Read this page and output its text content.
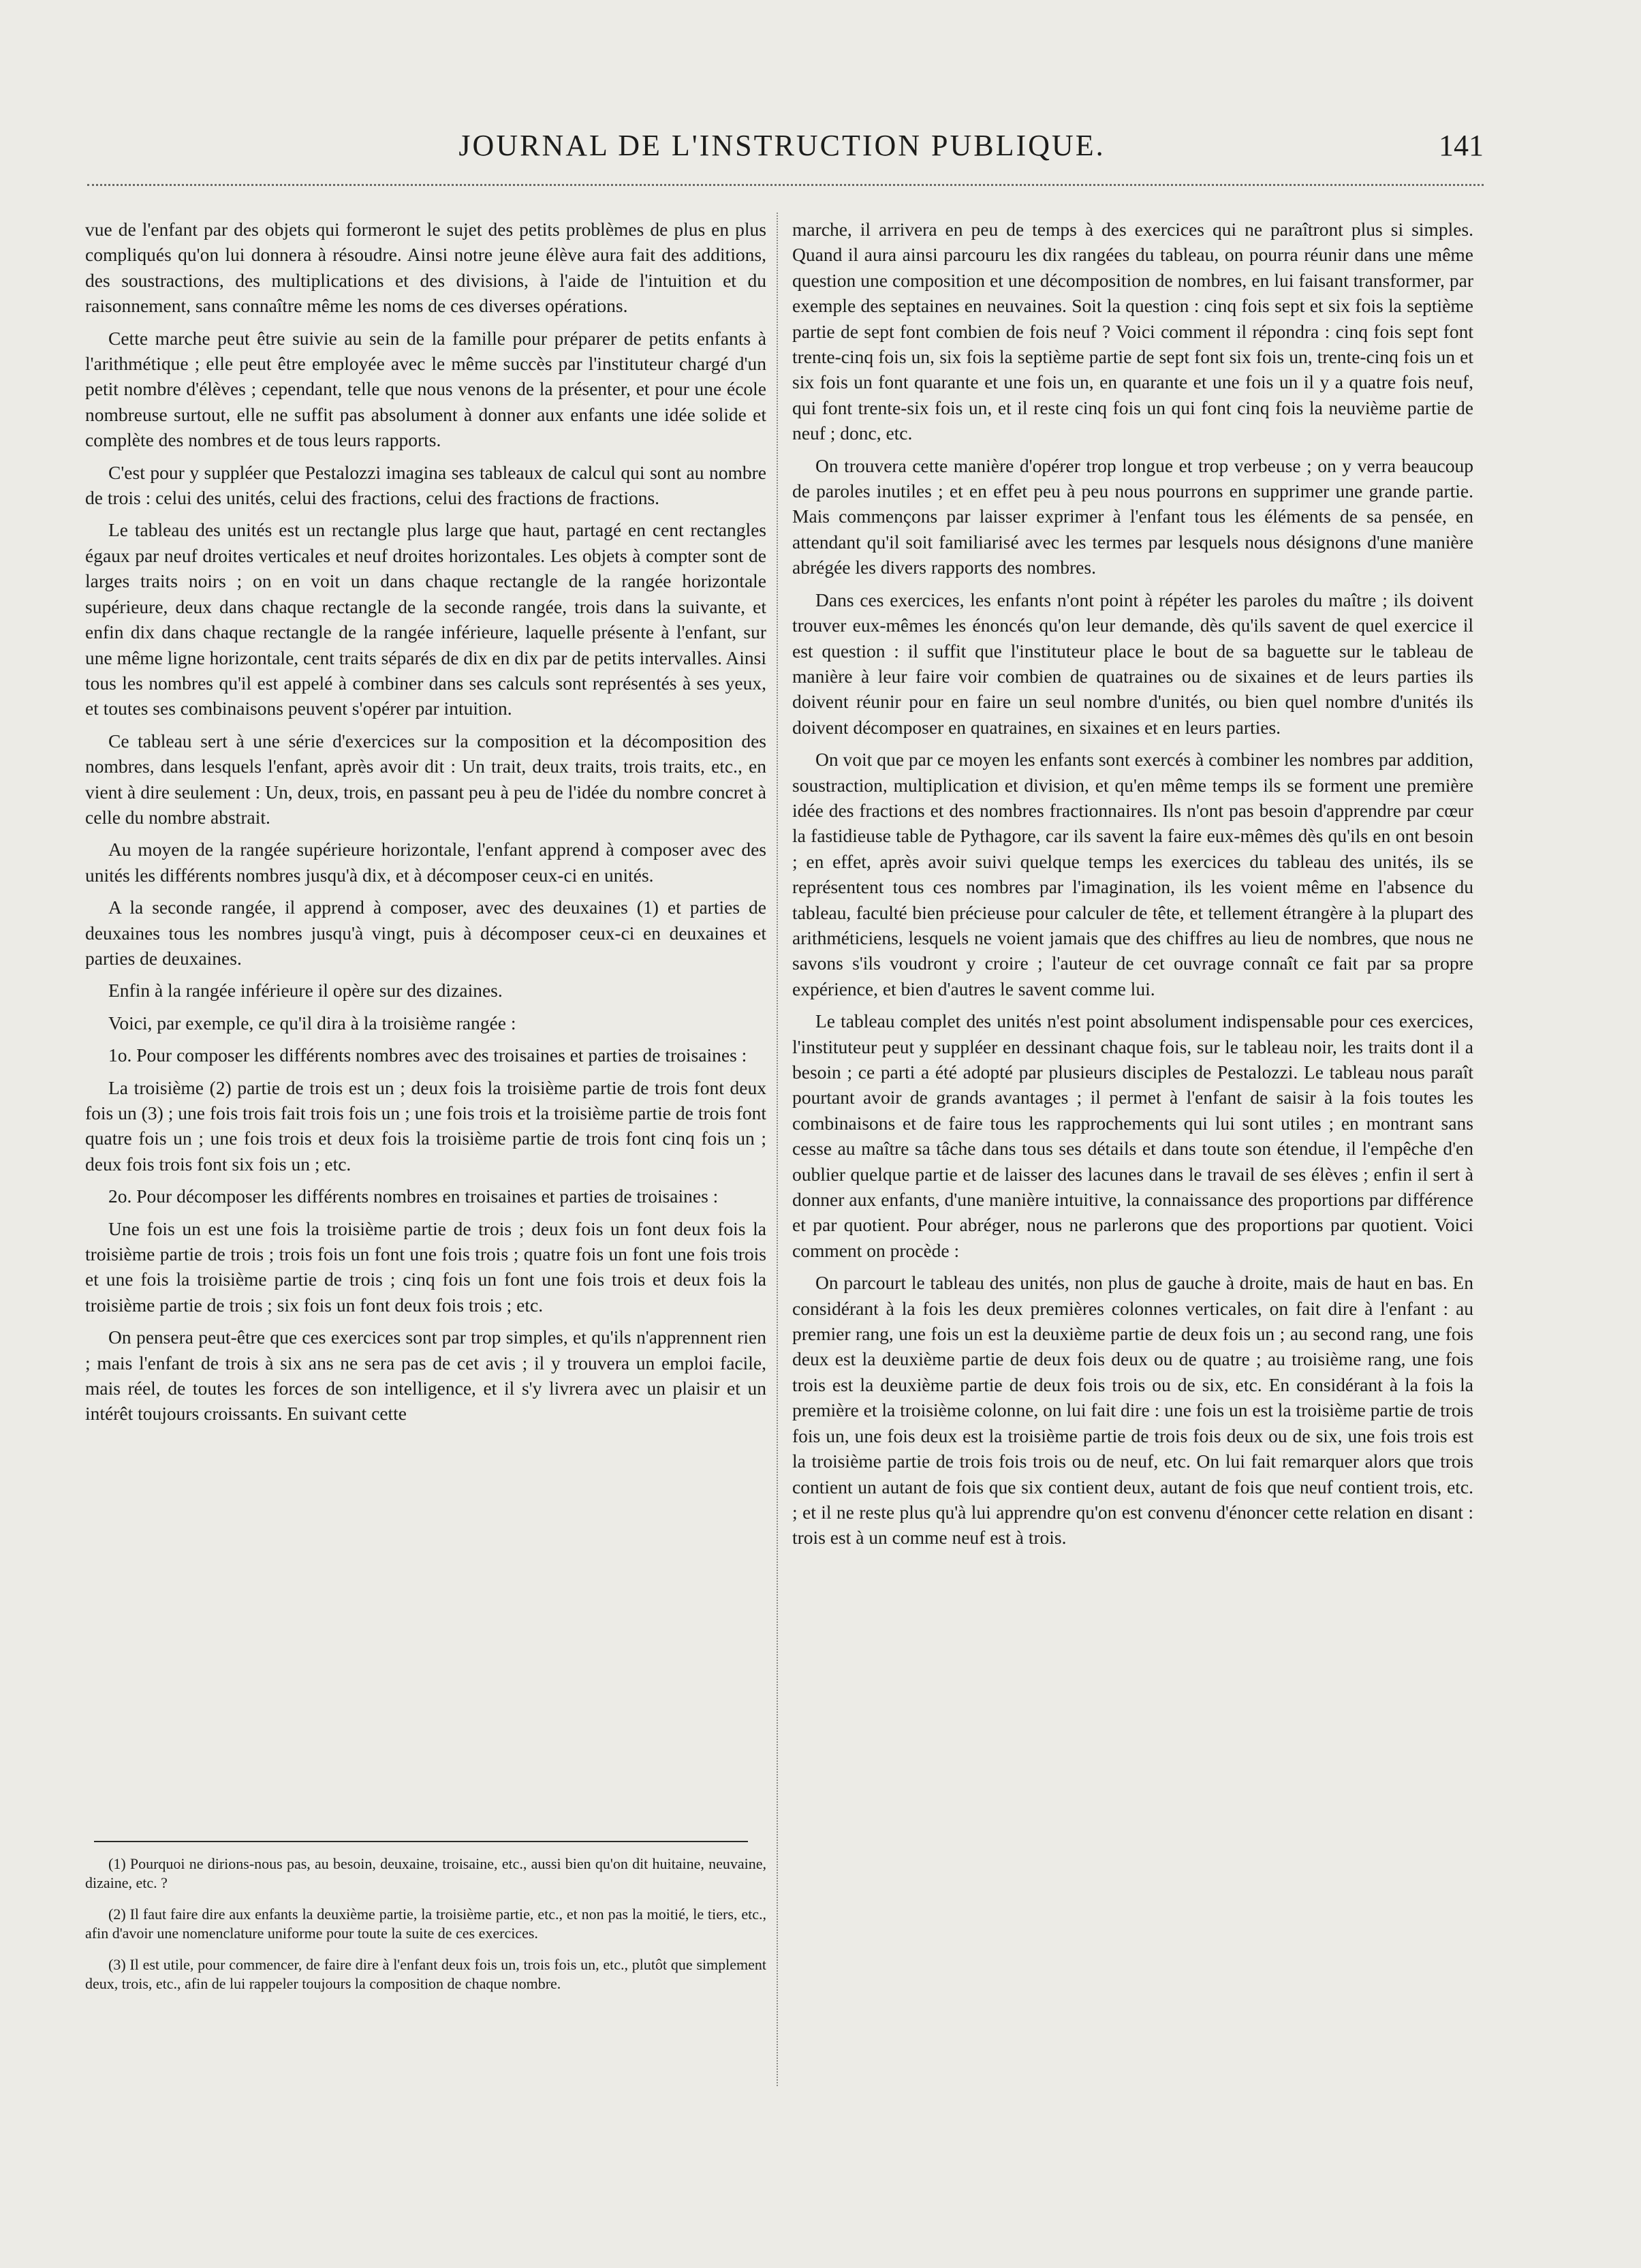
JOURNAL DE L'INSTRUCTION PUBLIQUE.	141

vue de l'enfant par des objets qui formeront le sujet des petits problèmes de plus en plus compliqués qu'on lui donnera à résoudre. Ainsi notre jeune élève aura fait des additions, des soustractions, des multiplications et des divisions, à l'aide de l'intuition et du raisonnement, sans connaître même les noms de ces diverses opérations.

Cette marche peut être suivie au sein de la famille pour préparer de petits enfants à l'arithmétique ; elle peut être employée avec le même succès par l'instituteur chargé d'un petit nombre d'élèves ; cependant, telle que nous venons de la présenter, et pour une école nombreuse surtout, elle ne suffit pas absolument à donner aux enfants une idée solide et complète des nombres et de tous leurs rapports.

C'est pour y suppléer que Pestalozzi imagina ses tableaux de calcul qui sont au nombre de trois : celui des unités, celui des fractions, celui des fractions de fractions.

Le tableau des unités est un rectangle plus large que haut, partagé en cent rectangles égaux par neuf droites verticales et neuf droites horizontales. Les objets à compter sont de larges traits noirs ; on en voit un dans chaque rectangle de la rangée horizontale supérieure, deux dans chaque rectangle de la seconde rangée, trois dans la suivante, et enfin dix dans chaque rectangle de la rangée inférieure, laquelle présente à l'enfant, sur une même ligne horizontale, cent traits séparés de dix en dix par de petits intervalles. Ainsi tous les nombres qu'il est appelé à combiner dans ses calculs sont représentés à ses yeux, et toutes ses combinaisons peuvent s'opérer par intuition.

Ce tableau sert à une série d'exercices sur la composition et la décomposition des nombres, dans lesquels l'enfant, après avoir dit : Un trait, deux traits, trois traits, etc., en vient à dire seulement : Un, deux, trois, en passant peu à peu de l'idée du nombre concret à celle du nombre abstrait.

Au moyen de la rangée supérieure horizontale, l'enfant apprend à composer avec des unités les différents nombres jusqu'à dix, et à décomposer ceux-ci en unités.

A la seconde rangée, il apprend à composer, avec des deuxaines (1) et parties de deuxaines tous les nombres jusqu'à vingt, puis à décomposer ceux-ci en deuxaines et parties de deuxaines.

Enfin à la rangée inférieure il opère sur des dizaines.

Voici, par exemple, ce qu'il dira à la troisième rangée :

1o. Pour composer les différents nombres avec des troisaines et parties de troisaines :

La troisième (2) partie de trois est un ; deux fois la troisième partie de trois font deux fois un (3) ; une fois trois fait trois fois un ; une fois trois et la troisième partie de trois font quatre fois un ; une fois trois et deux fois la troisième partie de trois font cinq fois un ; deux fois trois font six fois un ; etc.

2o. Pour décomposer les différents nombres en troisaines et parties de troisaines :

Une fois un est une fois la troisième partie de trois ; deux fois un font deux fois la troisième partie de trois ; trois fois un font une fois trois ; quatre fois un font une fois trois et une fois la troisième partie de trois ; cinq fois un font une fois trois et deux fois la troisième partie de trois ; six fois un font deux fois trois ; etc.

On pensera peut-être que ces exercices sont par trop simples, et qu'ils n'apprennent rien ; mais l'enfant de trois à six ans ne sera pas de cet avis ; il y trouvera un emploi facile, mais réel, de toutes les forces de son intelligence, et il s'y livrera avec un plaisir et un intérêt toujours croissants. En suivant cette

(1) Pourquoi ne dirions-nous pas, au besoin, deuxaine, troisaine, etc., aussi bien qu'on dit huitaine, neuvaine, dizaine, etc. ?

(2) Il faut faire dire aux enfants la deuxième partie, la troisième partie, etc., et non pas la moitié, le tiers, etc., afin d'avoir une nomenclature uniforme pour toute la suite de ces exercices.

(3) Il est utile, pour commencer, de faire dire à l'enfant deux fois un, trois fois un, etc., plutôt que simplement deux, trois, etc., afin de lui rappeler toujours la composition de chaque nombre.

marche, il arrivera en peu de temps à des exercices qui ne paraîtront plus si simples. Quand il aura ainsi parcouru les dix rangées du tableau, on pourra réunir dans une même question une composition et une décomposition de nombres, en lui faisant transformer, par exemple des septaines en neuvaines. Soit la question : cinq fois sept et six fois la septième partie de sept font combien de fois neuf ? Voici comment il répondra : cinq fois sept font trente-cinq fois un, six fois la septième partie de sept font six fois un, trente-cinq fois un et six fois un font quarante et une fois un, en quarante et une fois un il y a quatre fois neuf, qui font trente-six fois un, et il reste cinq fois un qui font cinq fois la neuvième partie de neuf ; donc, etc.

On trouvera cette manière d'opérer trop longue et trop verbeuse ; on y verra beaucoup de paroles inutiles ; et en effet peu à peu nous pourrons en supprimer une grande partie. Mais commençons par laisser exprimer à l'enfant tous les éléments de sa pensée, en attendant qu'il soit familiarisé avec les termes par lesquels nous désignons d'une manière abrégée les divers rapports des nombres.

Dans ces exercices, les enfants n'ont point à répéter les paroles du maître ; ils doivent trouver eux-mêmes les énoncés qu'on leur demande, dès qu'ils savent de quel exercice il est question : il suffit que l'instituteur place le bout de sa baguette sur le tableau de manière à leur faire voir combien de quatraines ou de sixaines et de leurs parties ils doivent réunir pour en faire un seul nombre d'unités, ou bien quel nombre d'unités ils doivent décomposer en quatraines, en sixaines et en leurs parties.

On voit que par ce moyen les enfants sont exercés à combiner les nombres par addition, soustraction, multiplication et division, et qu'en même temps ils se forment une première idée des fractions et des nombres fractionnaires. Ils n'ont pas besoin d'apprendre par cœur la fastidieuse table de Pythagore, car ils savent la faire eux-mêmes dès qu'ils en ont besoin ; en effet, après avoir suivi quelque temps les exercices du tableau des unités, ils se représentent tous ces nombres par l'imagination, ils les voient même en l'absence du tableau, faculté bien précieuse pour calculer de tête, et tellement étrangère à la plupart des arithméticiens, lesquels ne voient jamais que des chiffres au lieu de nombres, que nous ne savons s'ils voudront y croire ; l'auteur de cet ouvrage connaît ce fait par sa propre expérience, et bien d'autres le savent comme lui.

Le tableau complet des unités n'est point absolument indispensable pour ces exercices, l'instituteur peut y suppléer en dessinant chaque fois, sur le tableau noir, les traits dont il a besoin ; ce parti a été adopté par plusieurs disciples de Pestalozzi. Le tableau nous paraît pourtant avoir de grands avantages ; il permet à l'enfant de saisir à la fois toutes les combinaisons et de faire tous les rapprochements qui lui sont utiles ; en montrant sans cesse au maître sa tâche dans tous ses détails et dans toute son étendue, il l'empêche d'en oublier quelque partie et de laisser des lacunes dans le travail de ses élèves ; enfin il sert à donner aux enfants, d'une manière intuitive, la connaissance des proportions par différence et par quotient. Pour abréger, nous ne parlerons que des proportions par quotient. Voici comment on procède :

On parcourt le tableau des unités, non plus de gauche à droite, mais de haut en bas. En considérant à la fois les deux premières colonnes verticales, on fait dire à l'enfant : au premier rang, une fois un est la deuxième partie de deux fois un ; au second rang, une fois deux est la deuxième partie de deux fois deux ou de quatre ; au troisième rang, une fois trois est la deuxième partie de deux fois trois ou de six, etc. En considérant à la fois la première et la troisième colonne, on lui fait dire : une fois un est la troisième partie de trois fois un, une fois deux est la troisième partie de trois fois deux ou de six, une fois trois est la troisième partie de trois fois trois ou de neuf, etc. On lui fait remarquer alors que trois contient un autant de fois que six contient deux, autant de fois que neuf contient trois, etc. ; et il ne reste plus qu'à lui apprendre qu'on est convenu d'énoncer cette relation en disant : trois est à un comme neuf est à trois.
